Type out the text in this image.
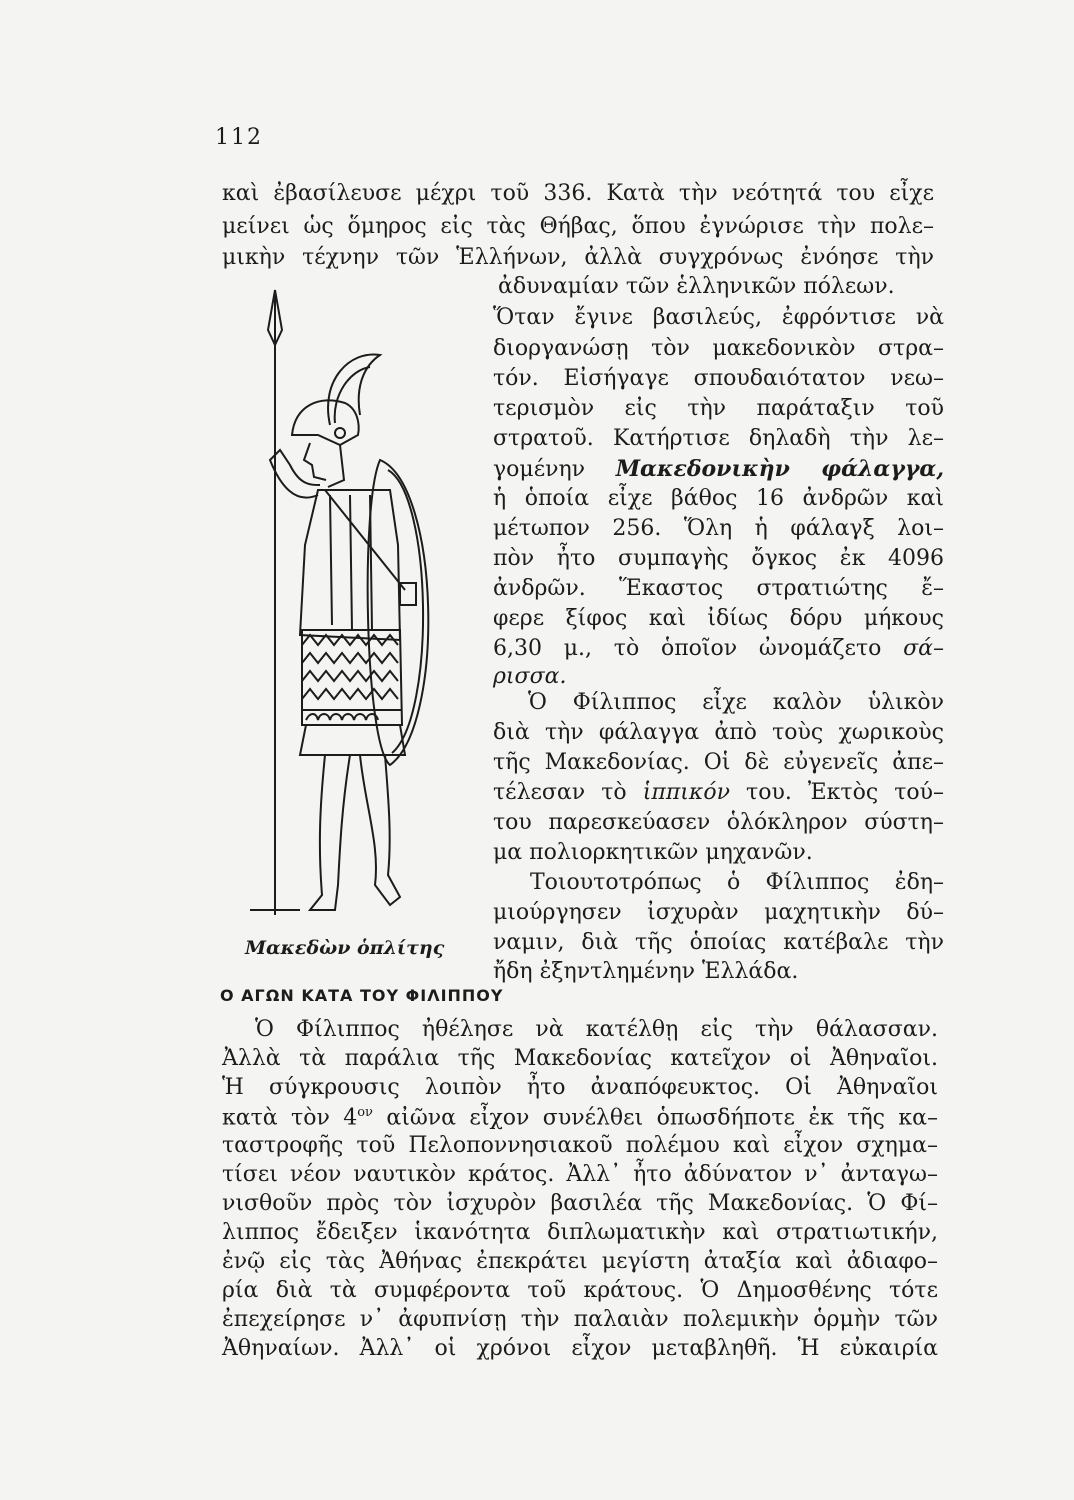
112
καὶ ἐβασίλευσε μέχρι τοῦ 336. Κατὰ τὴν νεότητά του εἶχε
μείνει ὡς ὅμηρος εἰς τὰς Θήβας, ὅπου ἐγνώρισε τὴν πολε–
μικὴν τέχνην τῶν Ἑλλήνων, ἀλλὰ συγχρόνως ἐνόησε τὴν
ἀδυναμίαν τῶν ἑλληνικῶν πόλεων.
Ὅταν ἔγινε βασιλεύς, ἐφρόντισε νὰ
διοργανώσῃ τὸν μακεδονικὸν στρα–
τόν. Εἰσήγαγε σπουδαιότατον νεω–
τερισμὸν εἰς τὴν παράταξιν τοῦ
στρατοῦ. Κατήρτισε δηλαδὴ τὴν λε–
γομένην Μακεδονικὴν φάλαγγα,
ἡ ὁποία εἶχε βάθος 16 ἀνδρῶν καὶ
μέτωπον 256. Ὅλη ἡ φάλαγξ λοι–
πὸν ἦτο συμπαγὴς ὄγκος ἐκ 4096
ἀνδρῶν. Ἕκαστος στρατιώτης ἔ–
φερε ξίφος καὶ ἰδίως δόρυ μήκους
6,30 μ., τὸ ὁποῖον ὠνομάζετο σά–
ρισσα.
Ὁ Φίλιππος εἶχε καλὸν ὑλικὸν
διὰ τὴν φάλαγγα ἀπὸ τοὺς χωρικοὺς
τῆς Μακεδονίας. Οἱ δὲ εὐγενεῖς ἀπε–
τέλεσαν τὸ ἱππικόν του. Ἐκτὸς τού–
του παρεσκεύασεν ὁλόκληρον σύστη–
μα πολιορκητικῶν μηχανῶν.
Τοιουτοτρόπως ὁ Φίλιππος ἐδη–
μιούργησεν ἰσχυρὰν μαχητικὴν δύ–
ναμιν, διὰ τῆς ὁποίας κατέβαλε τὴν
ἤδη ἐξηντλημένην Ἑλλάδα.
Μακεδὼν ὁπλίτης
Ο ΑΓΩΝ ΚΑΤΑ ΤΟΥ ΦΙΛΙΠΠΟΥ
Ὁ Φίλιππος ἠθέλησε νὰ κατέλθῃ εἰς τὴν θάλασσαν.
Ἀλλὰ τὰ παράλια τῆς Μακεδονίας κατεῖχον οἱ Ἀθηναῖοι.
Ἡ σύγκρουσις λοιπὸν ἦτο ἀναπόφευκτος. Οἱ Ἀθηναῖοι
κατὰ τὸν $4^{o\nu}$ αἰῶνα εἶχον συνέλθει ὁπωσδήποτε ἐκ τῆς κα–
ταστροφῆς τοῦ Πελοποννησιακοῦ πολέμου καὶ εἶχον σχημα–
τίσει νέον ναυτικὸν κράτος. Ἀλλ᾽ ἦτο ἀδύνατον ν᾽ ἀνταγω–
νισθοῦν πρὸς τὸν ἰσχυρὸν βασιλέα τῆς Μακεδονίας. Ὁ Φί–
λιππος ἔδειξεν ἱκανότητα διπλωματικὴν καὶ στρατιωτικήν,
ἐνῷ εἰς τὰς Ἀθήνας ἐπεκράτει μεγίστη ἀταξία καὶ ἀδιαφο–
ρία διὰ τὰ συμφέροντα τοῦ κράτους. Ὁ Δημοσθένης τότε
ἐπεχείρησε ν᾽ ἀφυπνίσῃ τὴν παλαιὰν πολεμικὴν ὁρμὴν τῶν
Ἀθηναίων. Ἀλλ᾽ οἱ χρόνοι εἶχον μεταβληθῆ. Ἡ εὐκαιρία
